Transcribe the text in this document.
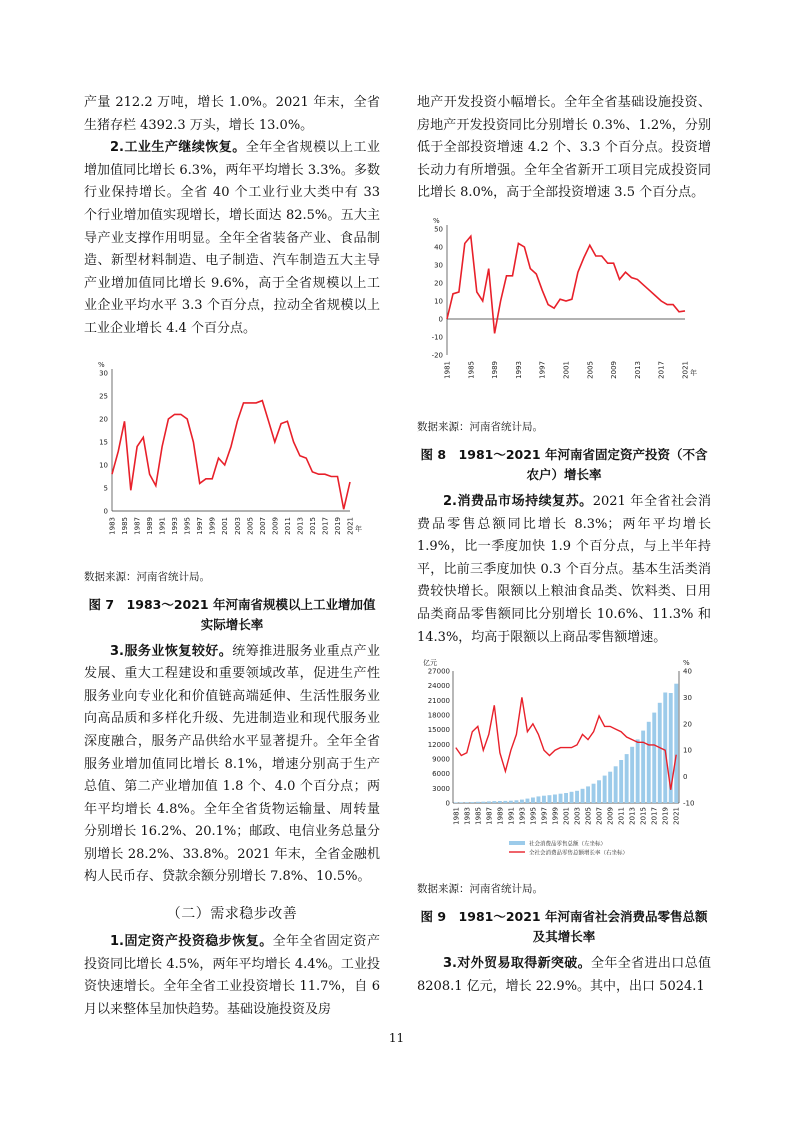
产量 212.2 万吨，增长 1.0%。2021 年末，全省生猪存栏 4392.3 万头，增长 13.0%。

2.工业生产继续恢复。全年全省规模以上工业增加值同比增长 6.3%，两年平均增长 3.3%。多数行业保持增长。全省 40 个工业行业大类中有 33 个行业增加值实现增长，增长面达 82.5%。五大主导产业支撑作用明显。全年全省装备产业、食品制造、新型材料制造、电子制造、汽车制造五大主导产业增加值同比增长 9.6%，高于全省规模以上工业企业平均水平 3.3 个百分点，拉动全省规模以上工业企业增长 4.4 个百分点。

0
5
10
15
20
25
30
%
1983 1985 1987 1989 1991 1993 1995 1997 1999 2001 2003 2005 2007 2009 2011 2013 2015 2017 2019 2021 年

数据来源：河南省统计局。

图 7　1983～2021 年河南省规模以上工业增加值实际增长率

3.服务业恢复较好。统筹推进服务业重点产业发展、重大工程建设和重要领域改革，促进生产性服务业向专业化和价值链高端延伸、生活性服务业向高品质和多样化升级、先进制造业和现代服务业深度融合，服务产品供给水平显著提升。全年全省服务业增加值同比增长 8.1%，增速分别高于生产总值、第二产业增加值 1.8 个、4.0 个百分点；两年平均增长 4.8%。全年全省货物运输量、周转量分别增长 16.2%、20.1%；邮政、电信业务总量分别增长 28.2%、33.8%。2021 年末，全省金融机构人民币存、贷款余额分别增长 7.8%、10.5%。

（二）需求稳步改善

1.固定资产投资稳步恢复。全年全省固定资产投资同比增长 4.5%，两年平均增长 4.4%。工业投资快速增长。全年全省工业投资增长 11.7%，自 6 月以来整体呈加快趋势。基础设施投资及房

地产开发投资小幅增长。全年全省基础设施投资、房地产开发投资同比分别增长 0.3%、1.2%，分别低于全部投资增速 4.2 个、3.3 个百分点。投资增长动力有所增强。全年全省新开工项目完成投资同比增长 8.0%，高于全部投资增速 3.5 个百分点。

-20
-10
0
10
20
30
40
50
%
1981 1985 1989 1993 1997 2001 2005 2009 2013 2017 2021 年

数据来源：河南省统计局。

图 8　1981～2021 年河南省固定资产投资（不含农户）增长率

2.消费品市场持续复苏。2021 年全省社会消费品零售总额同比增长 8.3%；两年平均增长 1.9%，比一季度加快 1.9 个百分点，与上半年持平，比前三季度加快 0.3 个百分点。基本生活类消费较快增长。限额以上粮油食品类、饮料类、日用品类商品零售额同比分别增长 10.6%、11.3% 和 14.3%，均高于限额以上商品零售额增速。

0
3000
6000
9000
12000
15000
18000
21000
24000
27000
-10
0
10
20
30
40
亿元	%
1981 1983 1985 1987 1989 1991 1993 1995 1997 1999 2001 2003 2005 2007 2009 2011 2013 2015 2017 2019 2021
社会消费品零售总额（左坐标）
全社会消费品零售总额增长率（右坐标）

数据来源：河南省统计局。

图 9　1981～2021 年河南省社会消费品零售总额及其增长率

3.对外贸易取得新突破。全年全省进出口总值 8208.1 亿元，增长 22.9%。其中，出口 5024.1

11
